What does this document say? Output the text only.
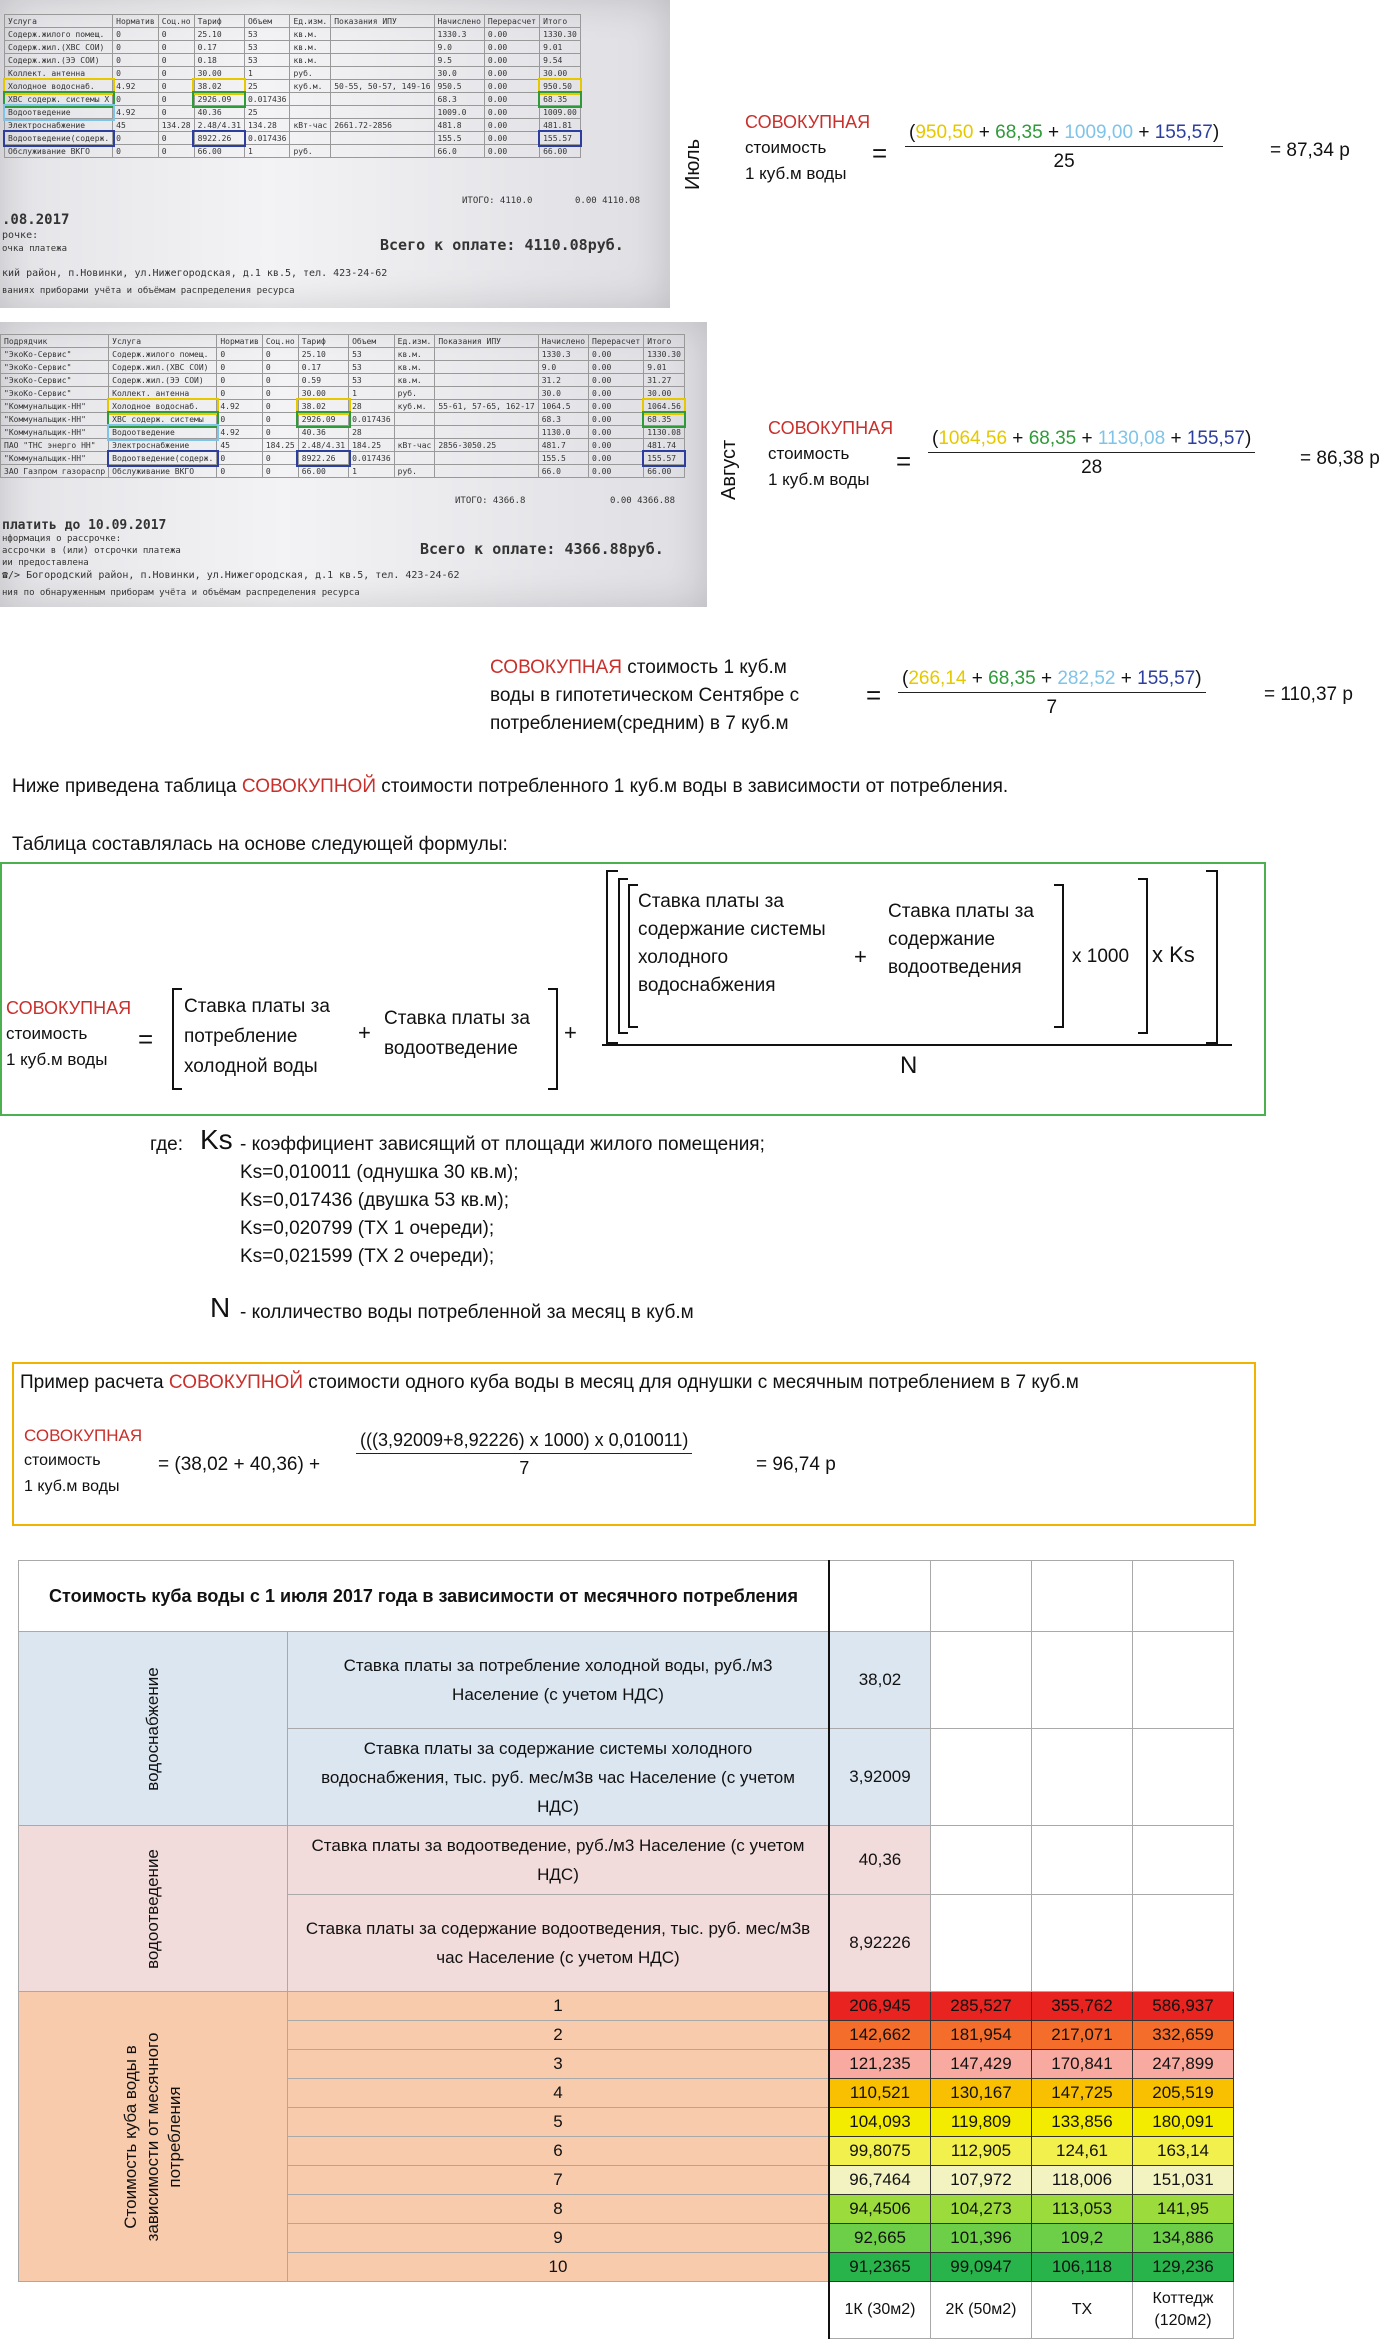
Услуга	Норматив	Соц.но	Тариф	Объем	Ед.изм.	Показания ИПУ	Начислено	Перерасчет	Итого
Содерж.жилого помещ.	0	0	25.10	53	кв.м.		1330.3	0.00	1330.30
Содерж.жил.(ХВС СОИ)	0	0	0.17	53	кв.м.		9.0	0.00	9.01
Содерж.жил.(ЭЭ СОИ)	0	0	0.18	53	кв.м.		9.5	0.00	9.54
Коллект. антенна	0	0	30.00	1	руб.		30.0	0.00	30.00
Холодное водоснаб.	4.92	0	38.02	25	куб.м.	50-55, 50-57, 149-16	950.5	0.00	950.50
ХВС содерж. системы Х	0	0	2926.09	0.017436			68.3	0.00	68.35
Водоотведение	4.92	0	40.36	25			1009.0	0.00	1009.00
Электроснабжение	45	134.28	2.48/4.31	134.28	кВт-час	2661.72-2856	481.8	0.00	481.81
Водоотведение(содерж.	0	0	8922.26	0.017436			155.5	0.00	155.57
Обслуживание ВКГО	0	0	66.00	1	руб.		66.0	0.00	66.00
ИТОГО: 4110.0	0.00 4110.08
.08.2017
рочке:
очка платежа	Всего к оплате: 4110.08руб.
кий район, п.Новинки, ул.Нижегородская, д.1 кв.5, тел. 423-24-62
ваниях приборами учёта и объёмам распределения ресурса
Июль
СОВОКУПНАЯ
стоимость
1 куб.м воды
= $\frac{(950,50 + 68,35 + 1009,00 + 155,57)}{25} = 87,34$ р
Подрядчик	Услуга	Норматив	Соц.но	Тариф	Объем	Ед.изм.	Показания ИПУ	Начислено	Перерасчет	Итого
"ЭкоКо-Сервис"	Содерж.жилого помещ.	0	0	25.10	53	кв.м.		1330.3	0.00	1330.30
"ЭкоКо-Сервис"	Содерж.жил.(ХВС СОИ)	0	0	0.17	53	кв.м.		9.0	0.00	9.01
"ЭкоКо-Сервис"	Содерж.жил.(ЭЭ СОИ)	0	0	0.59	53	кв.м.		31.2	0.00	31.27
"ЭкоКо-Сервис"	Коллект. антенна	0	0	30.00	1	руб.		30.0	0.00	30.00
"Коммунальщик-НН"	Холодное водоснаб.	4.92	0	38.02	28	куб.м.	55-61, 57-65, 162-17	1064.5	0.00	1064.56
"Коммунальщик-НН"	ХВС содерж. системы	0	0	2926.09	0.017436			68.3	0.00	68.35
"Коммунальщик-НН"	Водоотведение	4.92	0	40.36	28			1130.0	0.00	1130.08
ПАО "ТНС энерго НН"	Электроснабжение	45	184.25	2.48/4.31	184.25	кВт-час	2856-3050.25	481.7	0.00	481.74
"Коммунальщик-НН"	Водоотведение(содерж.	0	0	8922.26	0.017436			155.5	0.00	155.57
ЗАО Газпром газораспр	Обслуживание ВКГО	0	0	66.00	1	руб.		66.0	0.00	66.00
ИТОГО: 4366.8	0.00 4366.88
платить до 10.09.2017
нформация о рассрочке:
ассрочки в (или) отсрочки платежа
ии предоставлена
Всего к оплате: 4366.88руб.
☎/> Богородский район, п.Новинки, ул.Нижегородская, д.1 кв.5, тел. 423-24-62
ния по обнаруженным приборам учёта и объёмам распределения ресурса
Август
СОВОКУПНАЯ
стоимость
1 куб.м воды
= $\frac{(1064,56 + 68,35 + 1130,08 + 155,57)}{28} = 86,38$ р
СОВОКУПНАЯ стоимость 1 куб.м
воды в гипотетическом Сентябре с
потреблением(средним) в 7 куб.м
= $\frac{(266,14 + 68,35 + 282,52 + 155,57)}{7}$	= 110,37 р
Ниже приведена таблица СОВОКУПНОЙ стоимости потребленного 1 куб.м воды в зависимости от потребления.
Таблица составлялась на основе следующей формулы:
СОВОКУПНАЯ
стоимость
1 куб.м воды
=
Ставка платы за потребление холодной воды
+
Ставка платы за водоотведение
+
Ставка платы за содержание системы холодного водоснабжения
+
Ставка платы за содержание водоотведения
x 1000 x Ks
N
где: Ks - коэффициент зависящий от площади жилого помещения;
Ks=0,010011 (однушка 30 кв.м);
Ks=0,017436 (двушка 53 кв.м);
Ks=0,020799 (ТХ 1 очереди);
Ks=0,021599 (ТХ 2 очереди);
N - колличество воды потребленной за месяц в куб.м
Пример расчета СОВОКУПНОЙ стоимости одного куба воды в месяц для однушки с месячным потреблением в 7 куб.м
СОВОКУПНАЯ
стоимость
1 куб.м воды
= $(38,02 + 40,36) + \frac{(((3,92009+8,92226) x 1000) x 0,010011)}{7}$	= 96,74 р
Стоимость куба воды с 1 июля 2017 года в зависимости от месячного потребления					

водоснабжение	Ставка платы за потребление холодной воды, руб./м3 Население (с учетом НДС)	38,02			
	Ставка платы за содержание системы холодного водоснабжения, тыс. руб. мес/м3в час Население (с учетом НДС)	3,92009			

водоотведение	Ставка платы за водоотведение, руб./м3 Население (с учетом НДС)	40,36			
	Ставка платы за содержание водоотведения, тыс. руб. мес/м3в час Население (с учетом НДС)	8,92226			

Стоимость куба воды в зависимости от месячного потребления	1	206,945	285,527	355,762	586,937
	2	142,662	181,954	217,071	332,659
	3	121,235	147,429	170,841	247,899
	4	110,521	130,167	147,725	205,519
	5	104,093	119,809	133,856	180,091
	6	99,8075	112,905	124,61	163,14
	7	96,7464	107,972	118,006	151,031
	8	94,4506	104,273	113,053	141,95
	9	92,665	101,396	109,2	134,886
	10	91,2365	99,0947	106,118	129,236
		1К (30м2)	2К (50м2)	ТХ	Коттедж (120м2)
